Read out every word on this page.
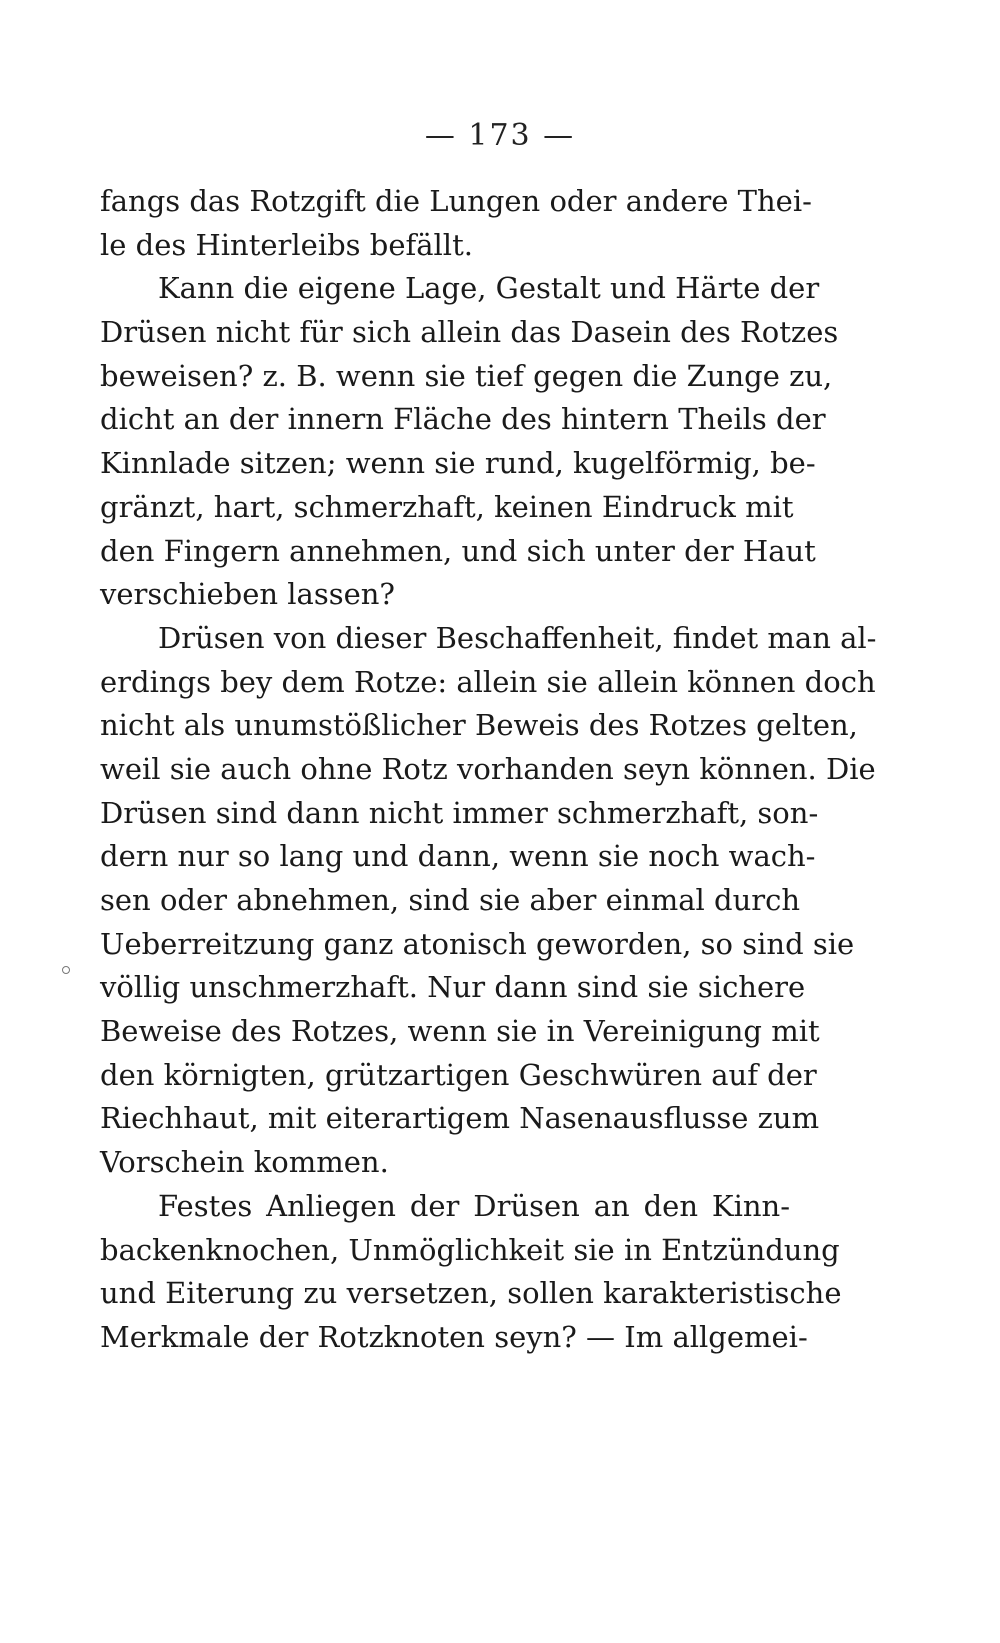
— 173 —
fangs das Rotzgift die Lungen oder andere Thei-
le des Hinterleibs befällt.
Kann die eigene Lage, Gestalt und Härte der
Drüsen nicht für sich allein das Dasein des Rotzes
beweisen? z. B. wenn sie tief gegen die Zunge zu,
dicht an der innern Fläche des hintern Theils der
Kinnlade sitzen; wenn sie rund, kugelförmig, be-
gränzt, hart, schmerzhaft, keinen Eindruck mit
den Fingern annehmen, und sich unter der Haut
verschieben lassen?
Drüsen von dieser Beschaffenheit, findet man al-
erdings bey dem Rotze: allein sie allein können doch
nicht als unumstößlicher Beweis des Rotzes gelten,
weil sie auch ohne Rotz vorhanden seyn können. Die
Drüsen sind dann nicht immer schmerzhaft, son-
dern nur so lang und dann, wenn sie noch wach-
sen oder abnehmen, sind sie aber einmal durch
Ueberreitzung ganz atonisch geworden, so sind sie
völlig unschmerzhaft. Nur dann sind sie sichere
Beweise des Rotzes, wenn sie in Vereinigung mit
den körnigten, grützartigen Geschwüren auf der
Riechhaut, mit eiterartigem Nasenausflusse zum
Vorschein kommen.
Festes Anliegen der Drüsen an den Kinn-
backenknochen, Unmöglichkeit sie in Entzündung
und Eiterung zu versetzen, sollen karakteristische
Merkmale der Rotzknoten seyn? — Im allgemei-
